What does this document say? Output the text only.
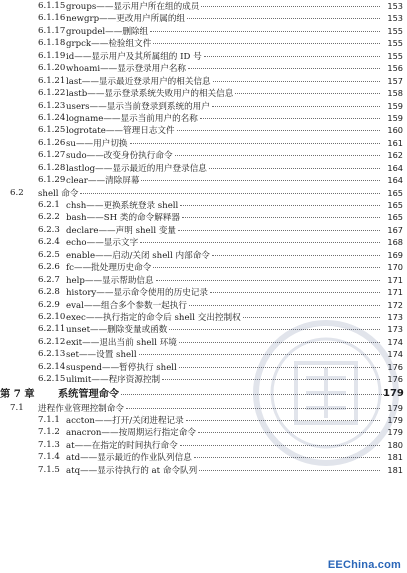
6.1.15 groups——显示用户所在组的成员	153
6.1.16 newgrp——更改用户所属的组	153
6.1.17 groupdel——删除组	155
6.1.18 grpck——检验组文件	155
6.1.19 id——显示用户及其所属组的 ID 号	155
6.1.20 whoami——显示登录用户名称	156
6.1.21 last——显示最近登录用户的相关信息	157
6.1.22 lastb——显示登录系统失败用户的相关信息	158
6.1.23 users——显示当前登录到系统的用户	159
6.1.24 logname——显示当前用户的名称	159
6.1.25 logrotate——管理日志文件	160
6.1.26 su——用户切换	161
6.1.27 sudo——改变身份执行命令	162
6.1.28 lastlog——显示最近的用户登录信息	164
6.1.29 clear——清除屏幕	164
6.2 shell 命令	165
6.2.1 chsh——更换系统登录 shell	165
6.2.2 bash——SH 类的命令解释器	165
6.2.3 declare——声明 shell 变量	167
6.2.4 echo——显示文字	168
6.2.5 enable——启动/关闭 shell 内部命令	169
6.2.6 fc——批处理历史命令	170
6.2.7 help——显示帮助信息	171
6.2.8 history——显示命令使用的历史记录	171
6.2.9 eval——组合多个参数一起执行	172
6.2.10 exec——执行指定的命令后 shell 交出控制权	173
6.2.11 unset——删除变量或函数	173
6.2.12 exit——退出当前 shell 环境	174
6.2.13 set——设置 shell	174
6.2.14 suspend——暂停执行 shell	176
6.2.15 ulimit——程序资源控制	176
第 7 章 系统管理命令	179
7.1 进程作业管理控制命令	179
7.1.1 accton——打开/关闭进程记录	179
7.1.2 anacron——按周期运行指定命令	179
7.1.3 at——在指定的时间执行命令	180
7.1.4 atd——显示最近的作业队列信息	181
7.1.5 atq——显示待执行的 at 命令队列	181
EEChina.com
